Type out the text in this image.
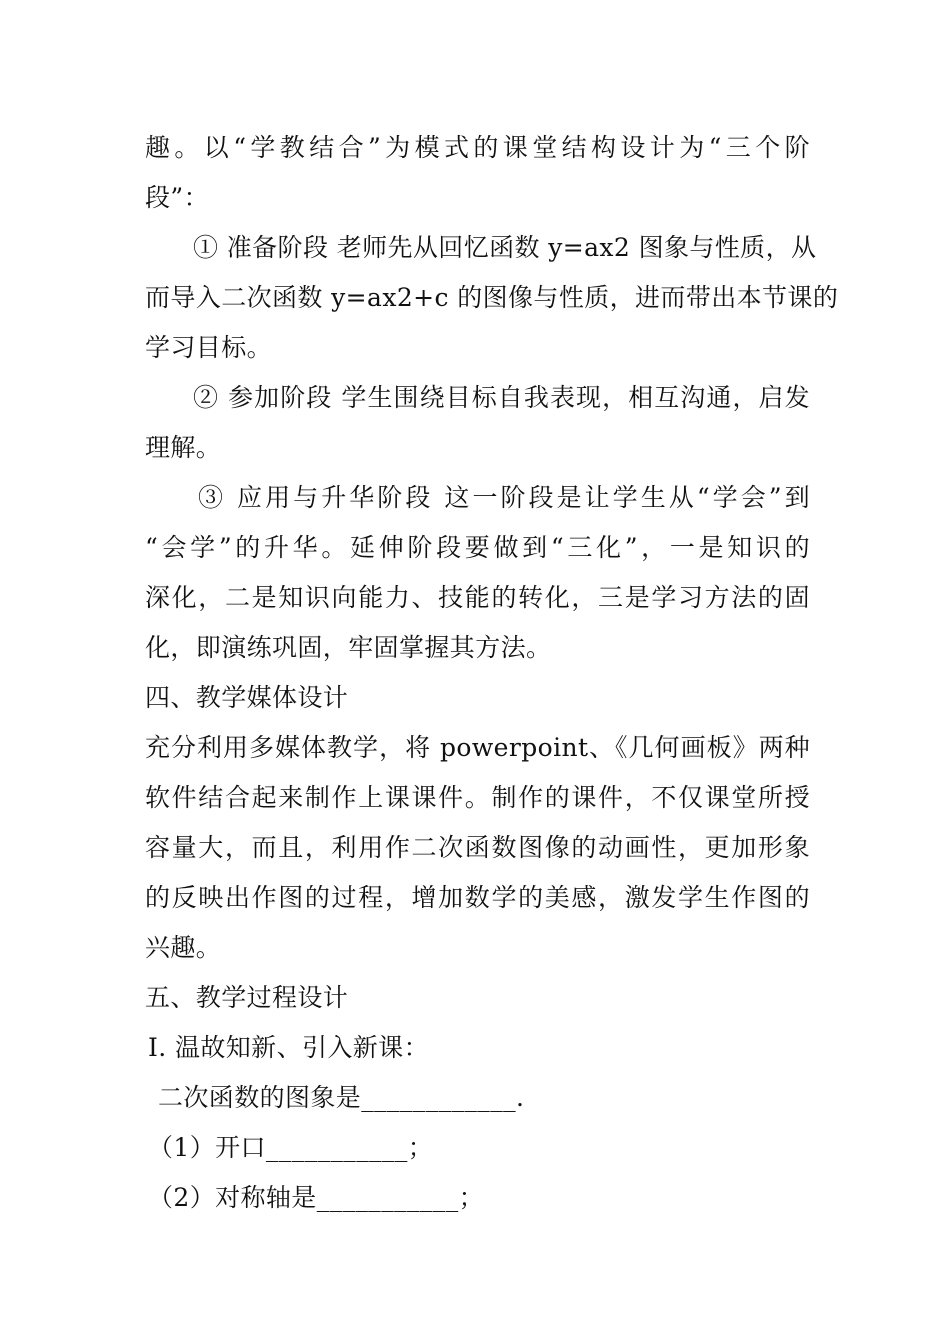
趣。以“学教结合”为模式的课堂结构设计为“三个阶
段”：
① 准备阶段 老师先从回忆函数 y=ax2 图象与性质，从
而导入二次函数 y=ax2+c 的图像与性质，进而带出本节课的
学习目标。
② 参加阶段 学生围绕目标自我表现，相互沟通，启发
理解。
③ 应用与升华阶段 这一阶段是让学生从“学会”到
“会学”的升华。延伸阶段要做到“三化”，一是知识的
深化，二是知识向能力、技能的转化，三是学习方法的固
化，即演练巩固，牢固掌握其方法。
四、教学媒体设计
充分利用多媒体教学，将 powerpoint、《几何画板》两种
软件结合起来制作上课课件。制作的课件，不仅课堂所授
容量大，而且，利用作二次函数图像的动画性，更加形象
的反映出作图的过程，增加数学的美感，激发学生作图的
兴趣。
五、教学过程设计
Ⅰ. 温故知新、引入新课：
二次函数的图象是____________.
（1）开口___________；
（2）对称轴是___________；
